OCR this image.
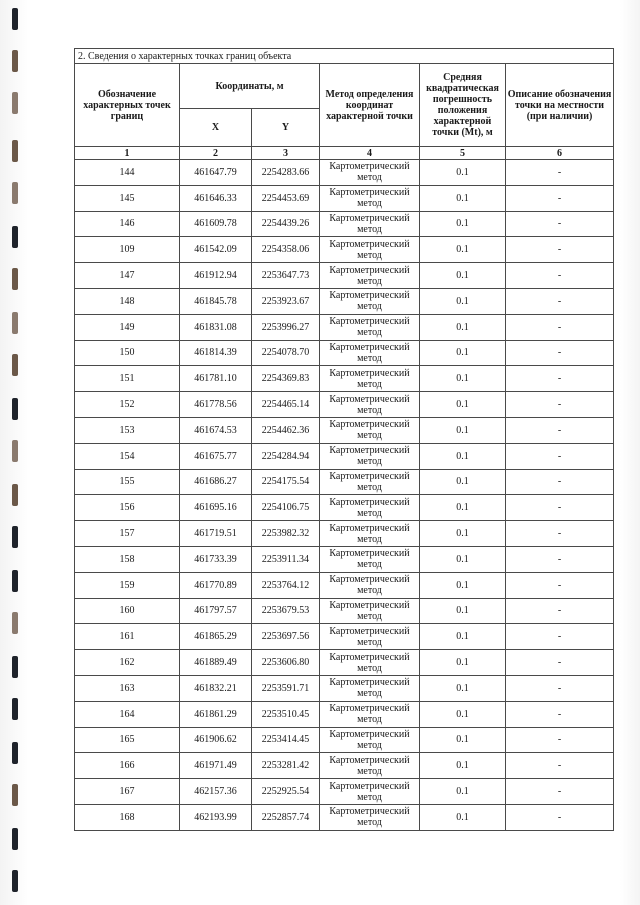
2. Сведения о характерных точках границ объекта					
Обозначение характерных точек границ	Координаты, м		Метод определения координат характерной точки	Средняя квадратическая погрешность положения характерной точки (Mt), м	Описание обозначения точки на местности (при наличии)
	X	Y			
1	2	3	4	5	6
144	461647.79	2254283.66	Картометрический метод	0.1	-
145	461646.33	2254453.69	Картометрический метод	0.1	-
146	461609.78	2254439.26	Картометрический метод	0.1	-
109	461542.09	2254358.06	Картометрический метод	0.1	-
147	461912.94	2253647.73	Картометрический метод	0.1	-
148	461845.78	2253923.67	Картометрический метод	0.1	-
149	461831.08	2253996.27	Картометрический метод	0.1	-
150	461814.39	2254078.70	Картометрический метод	0.1	-
151	461781.10	2254369.83	Картометрический метод	0.1	-
152	461778.56	2254465.14	Картометрический метод	0.1	-
153	461674.53	2254462.36	Картометрический метод	0.1	-
154	461675.77	2254284.94	Картометрический метод	0.1	-
155	461686.27	2254175.54	Картометрический метод	0.1	-
156	461695.16	2254106.75	Картометрический метод	0.1	-
157	461719.51	2253982.32	Картометрический метод	0.1	-
158	461733.39	2253911.34	Картометрический метод	0.1	-
159	461770.89	2253764.12	Картометрический метод	0.1	-
160	461797.57	2253679.53	Картометрический метод	0.1	-
161	461865.29	2253697.56	Картометрический метод	0.1	-
162	461889.49	2253606.80	Картометрический метод	0.1	-
163	461832.21	2253591.71	Картометрический метод	0.1	-
164	461861.29	2253510.45	Картометрический метод	0.1	-
165	461906.62	2253414.45	Картометрический метод	0.1	-
166	461971.49	2253281.42	Картометрический метод	0.1	-
167	462157.36	2252925.54	Картометрический метод	0.1	-
168	462193.99	2252857.74	Картометрический метод	0.1	-
